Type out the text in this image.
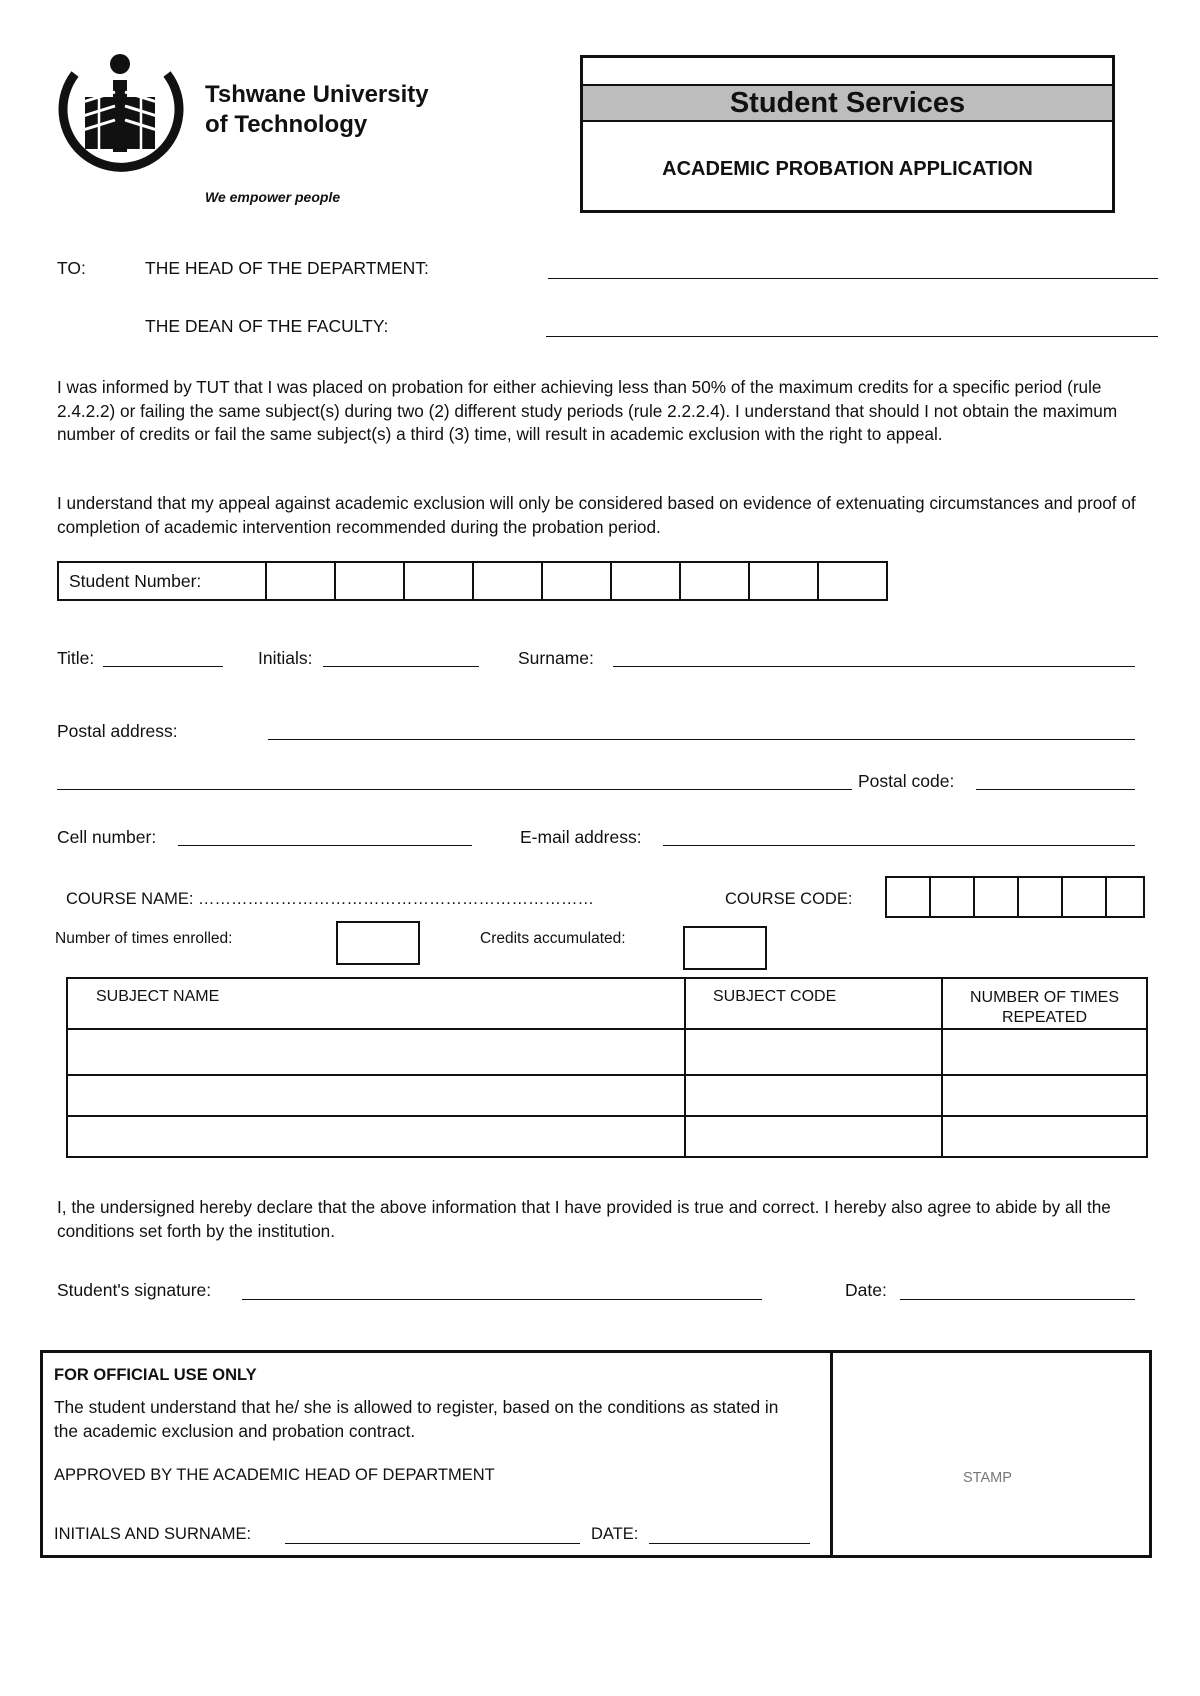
Tshwane University
of Technology
We empower people
Student Services
ACADEMIC PROBATION APPLICATION
TO:	THE HEAD OF THE DEPARTMENT:
THE DEAN OF THE FACULTY:

I was informed by TUT that I was placed on probation for either achieving less than 50% of the maximum credits for a specific period (rule 2.4.2.2) or failing the same subject(s) during two (2) different study periods (rule 2.2.2.4). I understand that should I not obtain the maximum number of credits or fail the same subject(s) a third (3) time, will result in academic exclusion with the right to appeal.

I understand that my appeal against academic exclusion will only be considered based on evidence of extenuating circumstances and proof of completion of academic intervention recommended during the probation period.

Student Number:									
Title:	Initials:	Surname:
Postal address:
Postal code:
Cell number:	E-mail address:
COURSE NAME: ………………………………………………………………	COURSE CODE:

Number of times enrolled:	Credits accumulated:
SUBJECT NAME	SUBJECT CODE	NUMBER OF TIMES REPEATED

I, the undersigned hereby declare that the above information that I have provided is true and correct. I hereby also agree to abide by all the conditions set forth by the institution.

Student's signature:	Date:
FOR OFFICIAL USE ONLY
The student understand that he/ she is allowed to register, based on the conditions as stated in the academic exclusion and probation contract.
APPROVED BY THE ACADEMIC HEAD OF DEPARTMENT
INITIALS AND SURNAME:	DATE:
STAMP
